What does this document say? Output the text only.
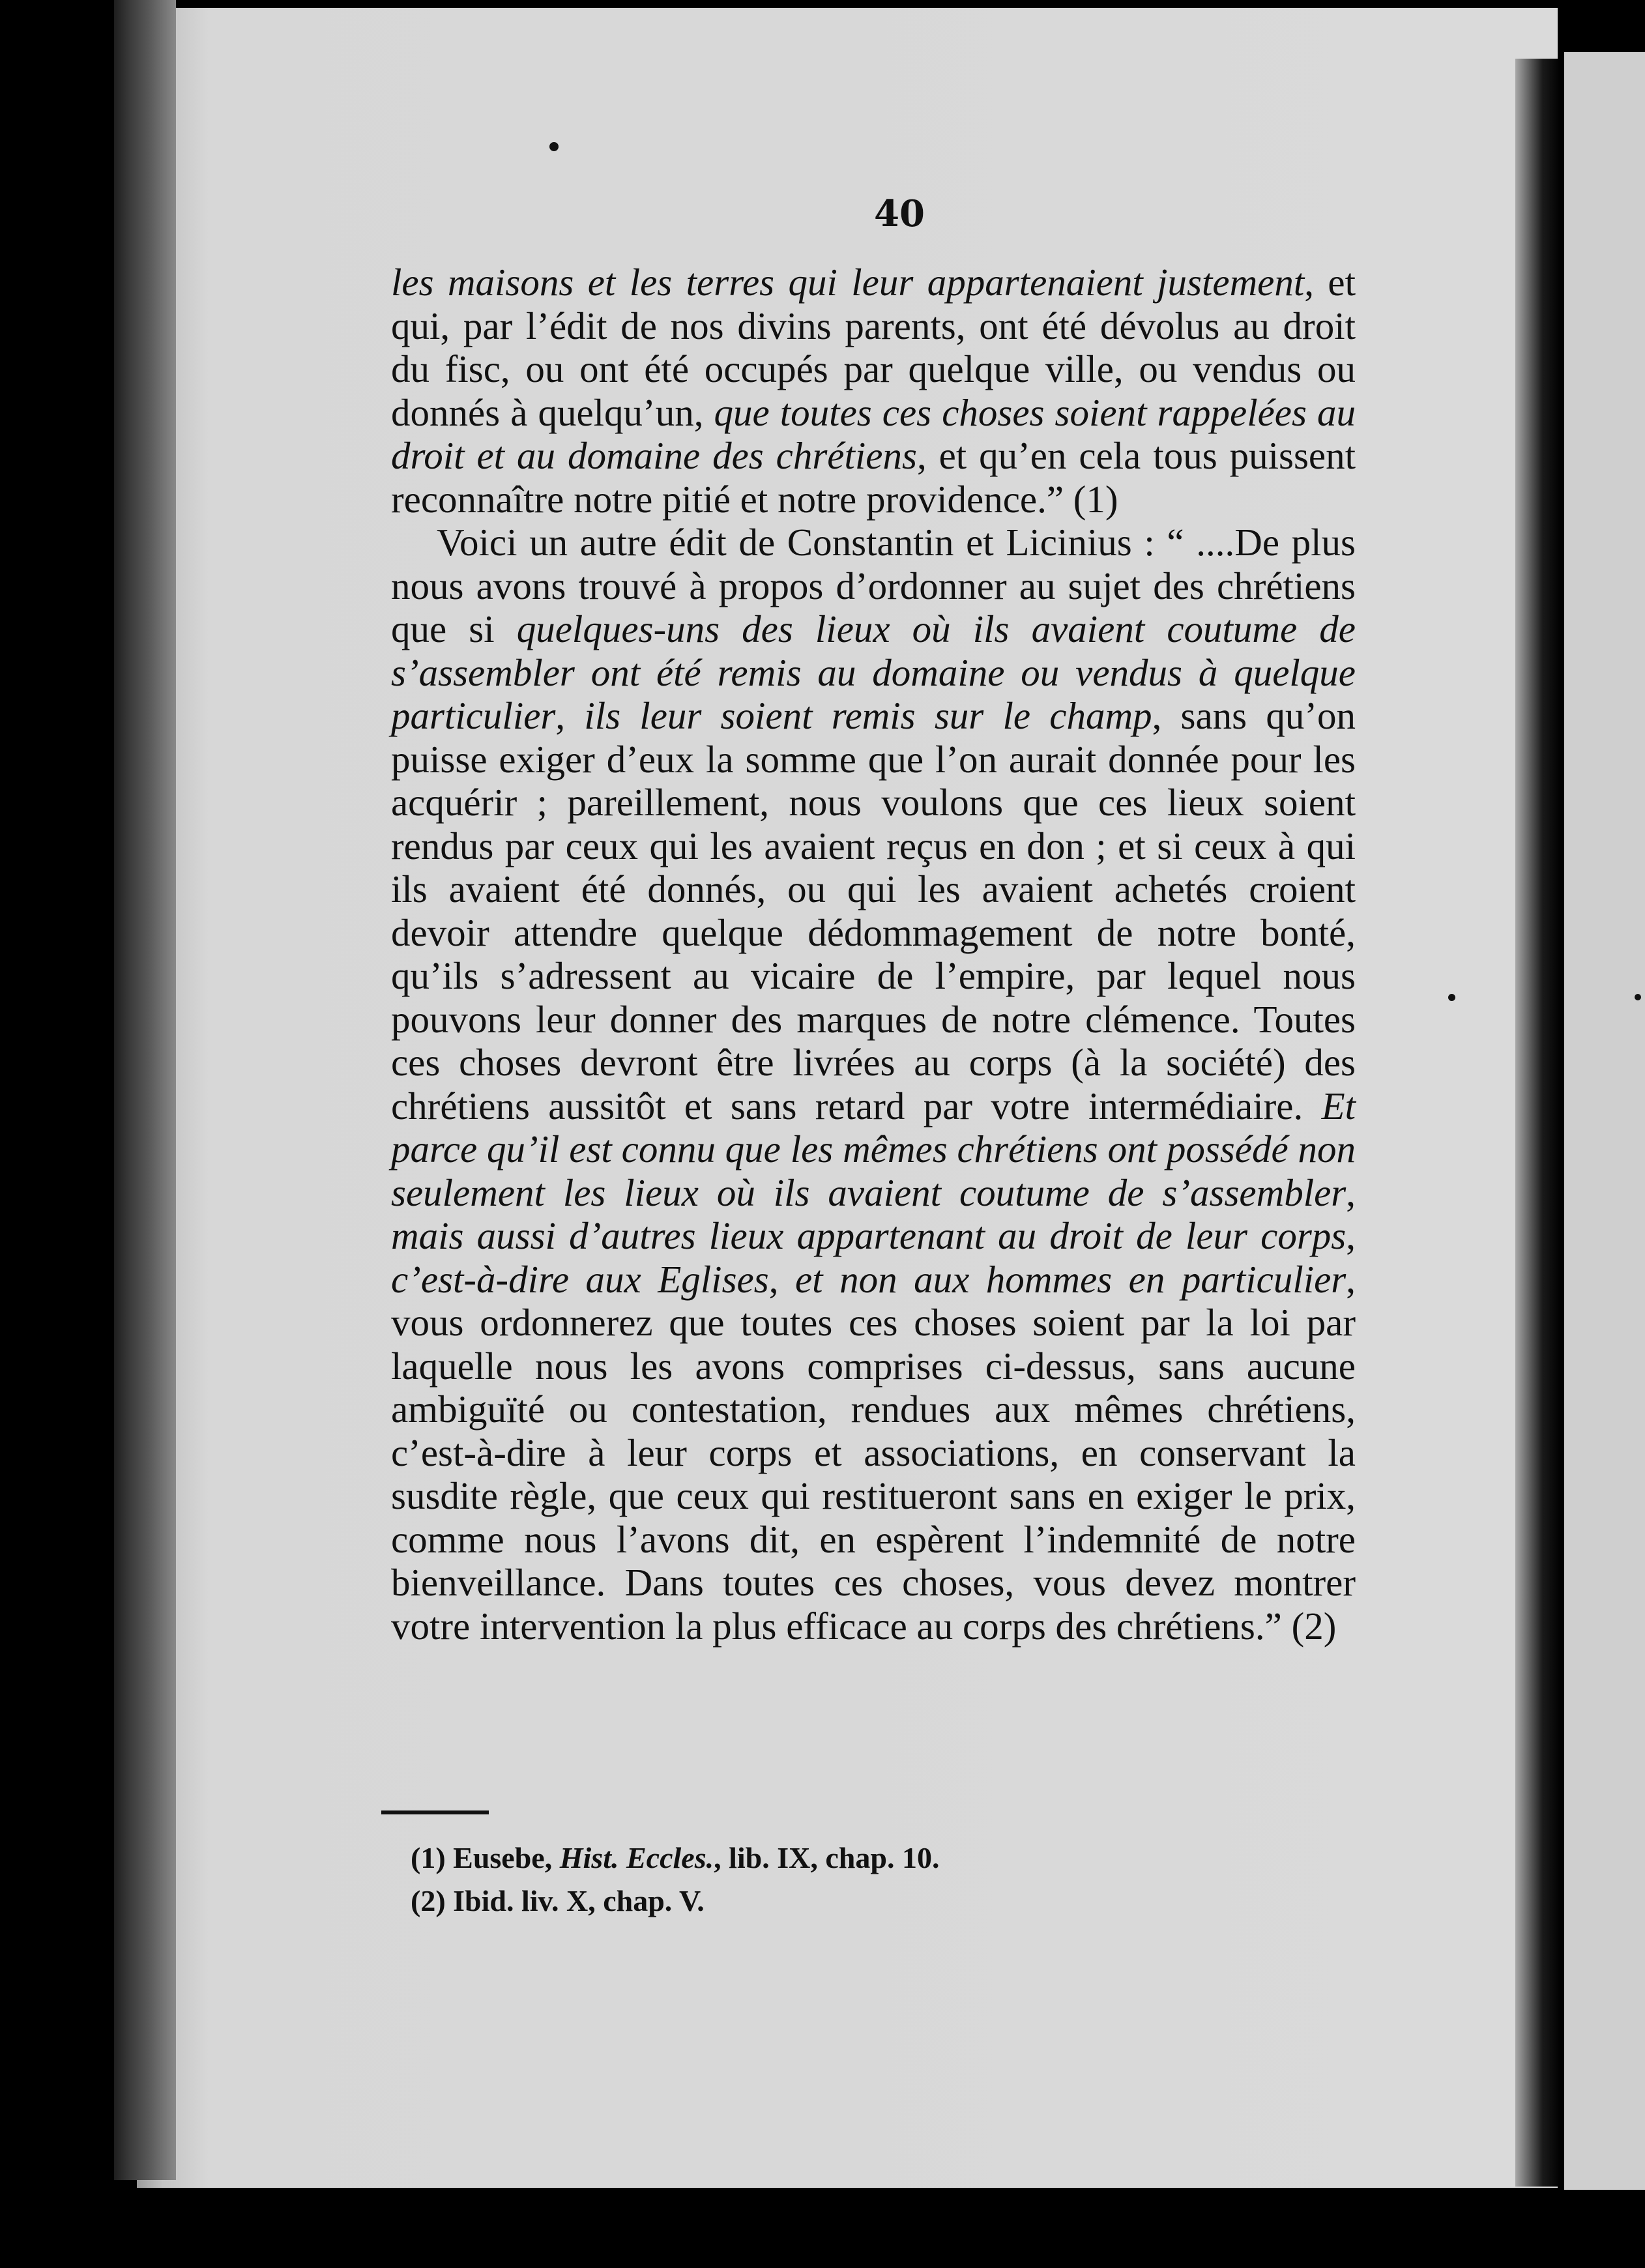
40

les maisons et les terres qui leur appartenaient justement, et qui, par l’édit de nos divins parents, ont été dévolus au droit du fisc, ou ont été occupés par quelque ville, ou vendus ou donnés à quelqu’un, que toutes ces choses soient rappelées au droit et au domaine des chrétiens, et qu’en cela tous puissent reconnaître notre pitié et notre providence.” (1)

Voici un autre édit de Constantin et Licinius : “ ....De plus nous avons trouvé à propos d’ordonner au sujet des chrétiens que si quelques-uns des lieux où ils avaient coutume de s’assembler ont été remis au domaine ou vendus à quelque particulier, ils leur soient remis sur le champ, sans qu’on puisse exiger d’eux la somme que l’on aurait donnée pour les acquérir ; pareillement, nous voulons que ces lieux soient rendus par ceux qui les avaient reçus en don ; et si ceux à qui ils avaient été donnés, ou qui les avaient achetés croient devoir attendre quelque dédommagement de notre bonté, qu’ils s’adressent au vicaire de l’empire, par lequel nous pouvons leur donner des marques de notre clémence. Toutes ces choses devront être livrées au corps (à la société) des chrétiens aussitôt et sans retard par votre intermédiaire. Et parce qu’il est connu que les mêmes chrétiens ont possédé non seulement les lieux où ils avaient coutume de s’assembler, mais aussi d’autres lieux appartenant au droit de leur corps, c’est-à-dire aux Eglises, et non aux hommes en particulier, vous ordonnerez que toutes ces choses soient par la loi par laquelle nous les avons comprises ci-dessus, sans aucune ambiguïté ou contestation, rendues aux mêmes chrétiens, c’est-à-dire à leur corps et associations, en conservant la susdite règle, que ceux qui restitueront sans en exiger le prix, comme nous l’avons dit, en espèrent l’indemnité de notre bienveillance. Dans toutes ces choses, vous devez montrer votre intervention la plus efficace au corps des chrétiens.” (2)

(1) Eusebe, Hist. Eccles., lib. IX, chap. 10.
(2) Ibid. liv. X, chap. V.
